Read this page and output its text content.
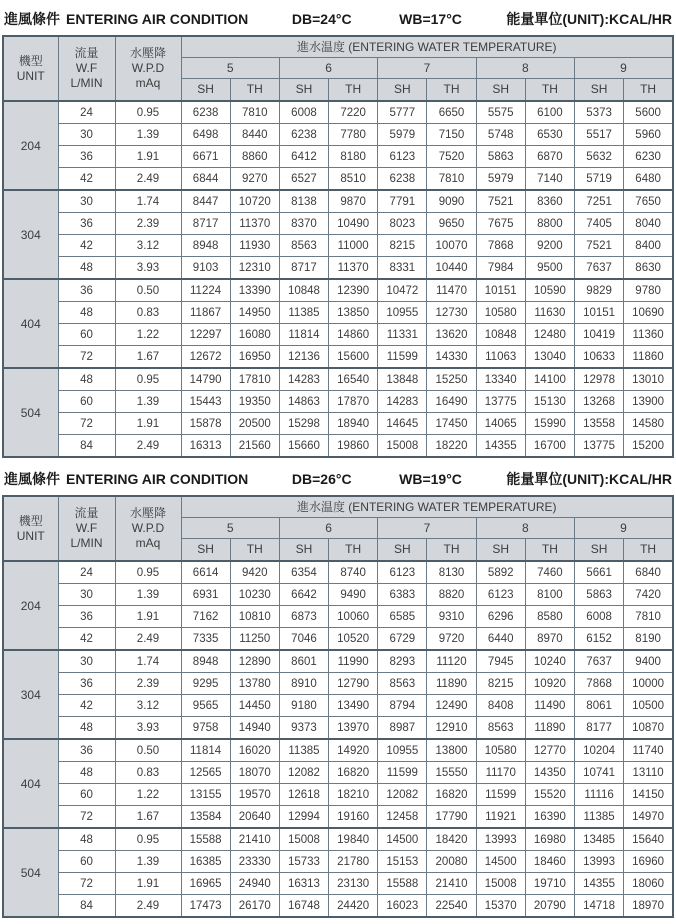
進風條件 ENTERING AIR CONDITION	DB=24°C	WB=17°C	能量單位(UNIT):KCAL/HR
機型
UNIT	流量
W.F
L/MIN	水壓降
W.P.D
mAq	進水温度 (ENTERING WATER TEMPERATURE)									
			5		6		7		8		9	
			SH	TH	SH	TH	SH	TH	SH	TH	SH	TH
204	24	0.95	6238	7810	6008	7220	5777	6650	5575	6100	5373	5600
	30	1.39	6498	8440	6238	7780	5979	7150	5748	6530	5517	5960
	36	1.91	6671	8860	6412	8180	6123	7520	5863	6870	5632	6230
	42	2.49	6844	9270	6527	8510	6238	7810	5979	7140	5719	6480
304	30	1.74	8447	10720	8138	9870	7791	9090	7521	8360	7251	7650
	36	2.39	8717	11370	8370	10490	8023	9650	7675	8800	7405	8040
	42	3.12	8948	11930	8563	11000	8215	10070	7868	9200	7521	8400
	48	3.93	9103	12310	8717	11370	8331	10440	7984	9500	7637	8630
404	36	0.50	11224	13390	10848	12390	10472	11470	10151	10590	9829	9780
	48	0.83	11867	14950	11385	13850	10955	12730	10580	11630	10151	10690
	60	1.22	12297	16080	11814	14860	11331	13620	10848	12480	10419	11360
	72	1.67	12672	16950	12136	15600	11599	14330	11063	13040	10633	11860
504	48	0.95	14790	17810	14283	16540	13848	15250	13340	14100	12978	13010
	60	1.39	15443	19350	14863	17870	14283	16490	13775	15130	13268	13900
	72	1.91	15878	20500	15298	18940	14645	17450	14065	15990	13558	14580
	84	2.49	16313	21560	15660	19860	15008	18220	14355	16700	13775	15200
進風條件 ENTERING AIR CONDITION	DB=26°C	WB=19°C	能量單位(UNIT):KCAL/HR
機型
UNIT	流量
W.F
L/MIN	水壓降
W.P.D
mAq	進水温度 (ENTERING WATER TEMPERATURE)									
			5		6		7		8		9	
			SH	TH	SH	TH	SH	TH	SH	TH	SH	TH
204	24	0.95	6614	9420	6354	8740	6123	8130	5892	7460	5661	6840
	30	1.39	6931	10230	6642	9490	6383	8820	6123	8100	5863	7420
	36	1.91	7162	10810	6873	10060	6585	9310	6296	8580	6008	7810
	42	2.49	7335	11250	7046	10520	6729	9720	6440	8970	6152	8190
304	30	1.74	8948	12890	8601	11990	8293	11120	7945	10240	7637	9400
	36	2.39	9295	13780	8910	12790	8563	11890	8215	10920	7868	10000
	42	3.12	9565	14450	9180	13490	8794	12490	8408	11490	8061	10500
	48	3.93	9758	14940	9373	13970	8987	12910	8563	11890	8177	10870
404	36	0.50	11814	16020	11385	14920	10955	13800	10580	12770	10204	11740
	48	0.83	12565	18070	12082	16820	11599	15550	11170	14350	10741	13110
	60	1.22	13155	19570	12618	18210	12082	16820	11599	15520	11116	14150
	72	1.67	13584	20640	12994	19160	12458	17790	11921	16390	11385	14970
504	48	0.95	15588	21410	15008	19840	14500	18420	13993	16980	13485	15640
	60	1.39	16385	23330	15733	21780	15153	20080	14500	18460	13993	16960
	72	1.91	16965	24940	16313	23130	15588	21410	15008	19710	14355	18060
	84	2.49	17473	26170	16748	24420	16023	22540	15370	20790	14718	18970
